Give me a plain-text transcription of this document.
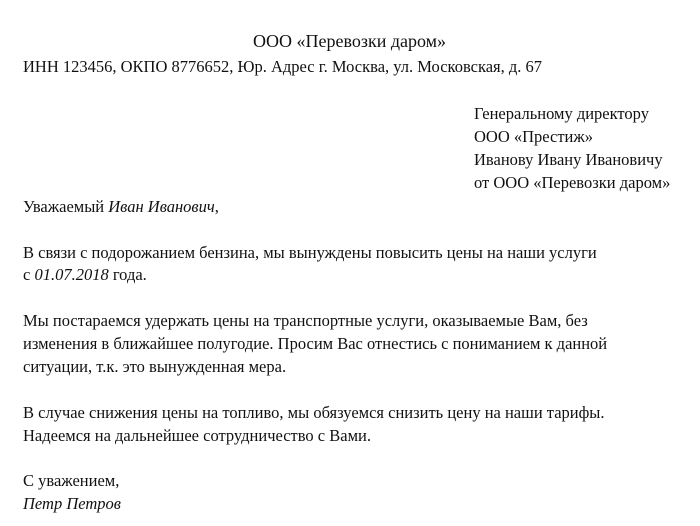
ООО «Перевозки даром»
ИНН 123456, ОКПО 8776652, Юр. Адрес г. Москва, ул. Московская, д. 67
Генеральному директору
ООО «Престиж»
Иванову Ивану Ивановичу
от ООО «Перевозки даром»
Уважаемый Иван Иванович,
В связи с подорожанием бензина, мы вынуждены повысить цены на наши услуги
с 01.07.2018 года.
Мы постараемся удержать цены на транспортные услуги, оказываемые Вам, без
изменения в ближайшее полугодие. Просим Вас отнестись с пониманием к данной
ситуации, т.к. это вынужденная мера.
В случае снижения цены на топливо, мы обязуемся снизить цену на наши тарифы.
Надеемся на дальнейшее сотрудничество с Вами.
С уважением,
Петр Петров
